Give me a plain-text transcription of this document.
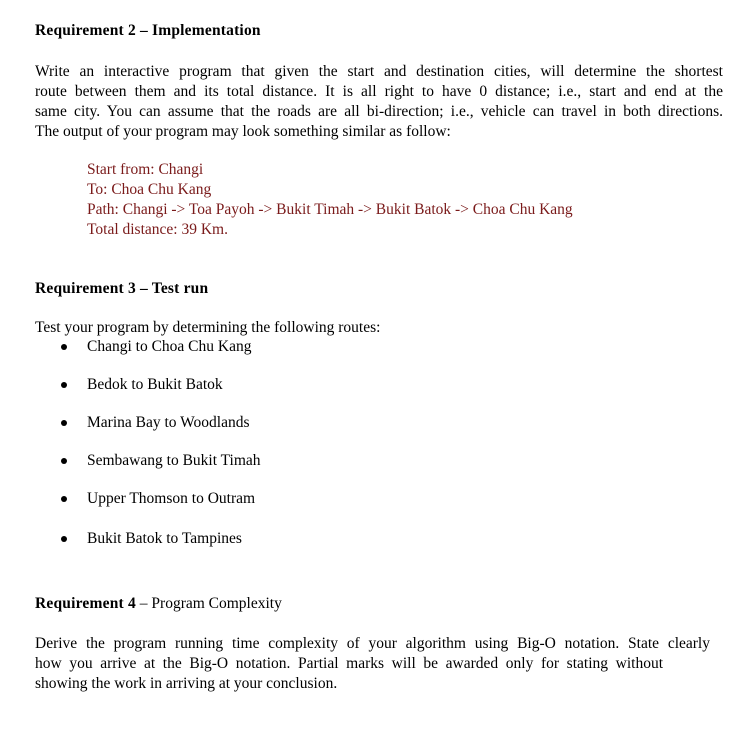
Requirement 2 – Implementation
Write an interactive program that given the start and destination cities, will determine the shortest
route between them and its total distance. It is all right to have 0 distance; i.e., start and end at the
same city. You can assume that the roads are all bi-direction; i.e., vehicle can travel in both directions.
The output of your program may look something similar as follow:
Start from: Changi
To: Choa Chu Kang
Path: Changi -> Toa Payoh -> Bukit Timah -> Bukit Batok -> Choa Chu Kang
Total distance: 39 Km.
Requirement 3 – Test run
Test your program by determining the following routes:
Changi to Choa Chu Kang
Bedok to Bukit Batok
Marina Bay to Woodlands
Sembawang to Bukit Timah
Upper Thomson to Outram
Bukit Batok to Tampines
Requirement 4 – Program Complexity
Derive the program running time complexity of your algorithm using Big-O notation. State clearly
how you arrive at the Big-O notation. Partial marks will be awarded only for stating without
showing the work in arriving at your conclusion.
